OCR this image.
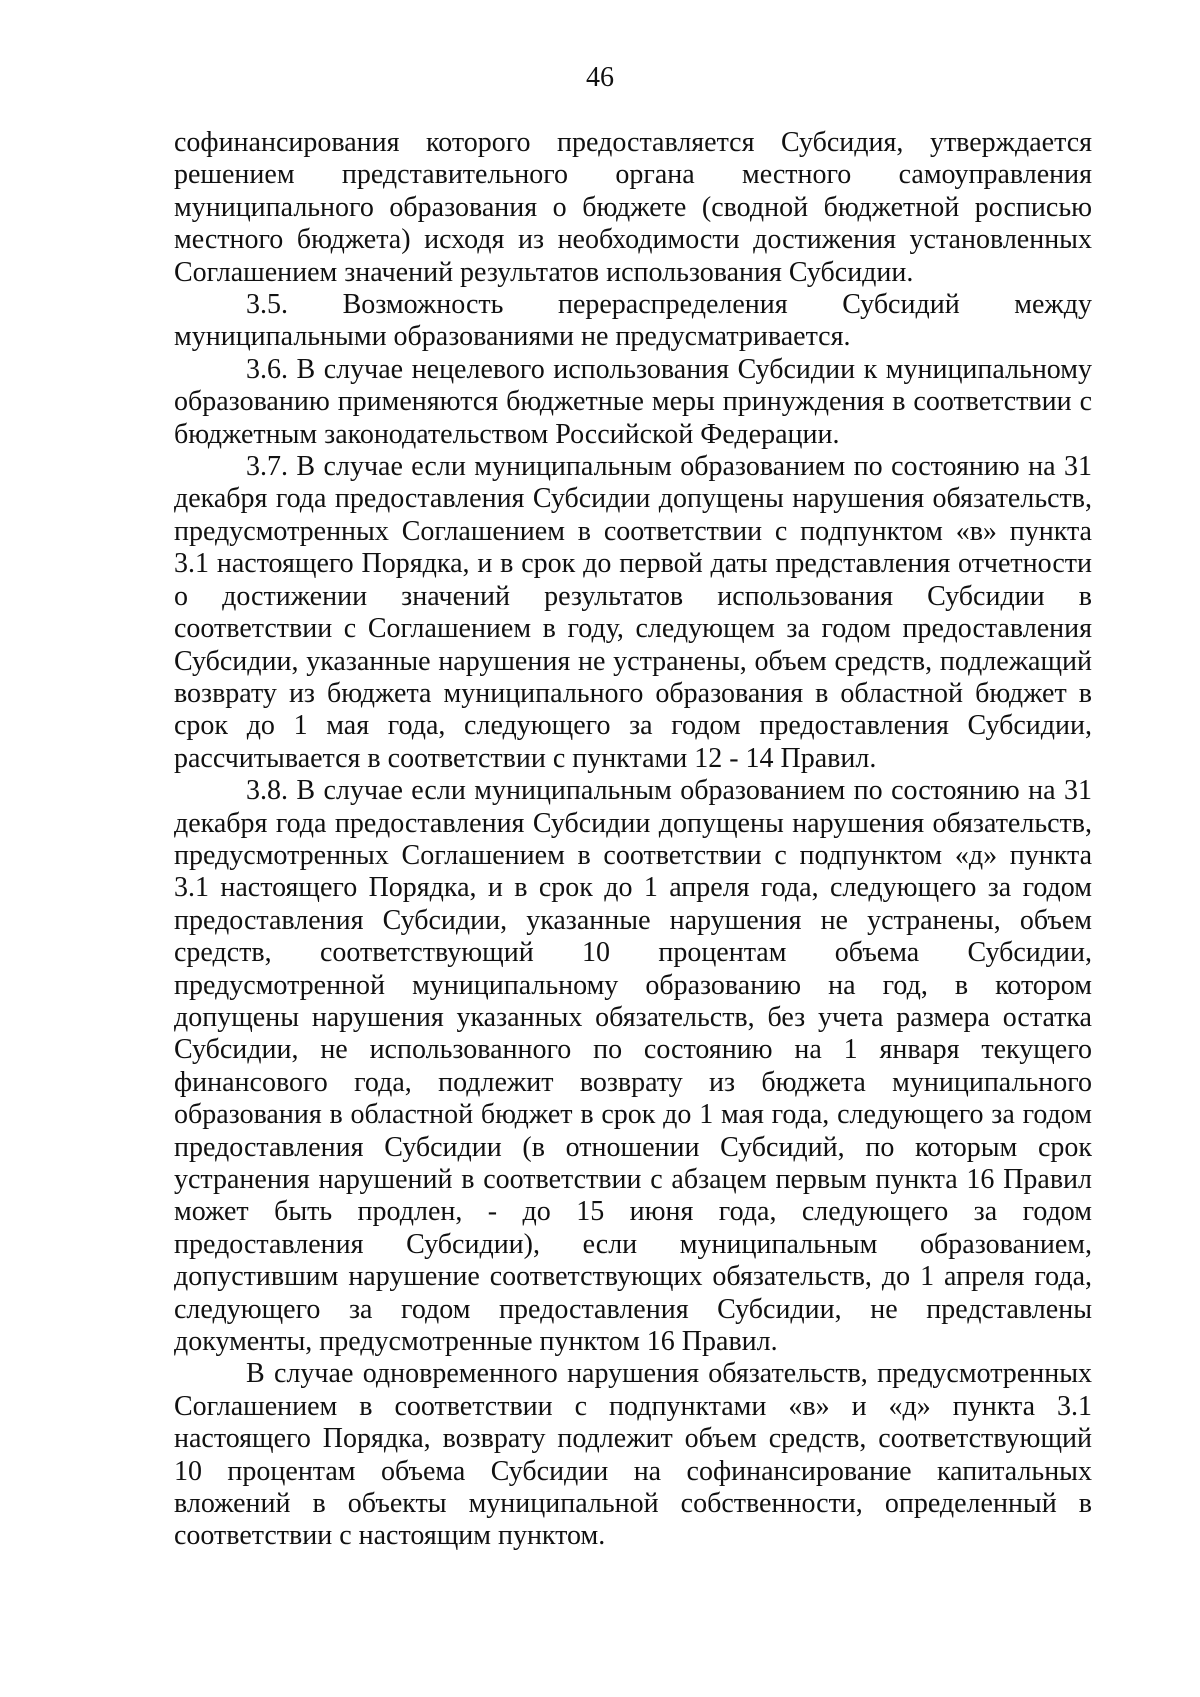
46

софинансирования которого предоставляется Субсидия, утверждается решением представительного органа местного самоуправления муниципального образования о бюджете (сводной бюджетной росписью местного бюджета) исходя из необходимости достижения установленных Соглашением значений результатов использования Субсидии.

3.5. Возможность перераспределения Субсидий между муниципальными образованиями не предусматривается.

3.6. В случае нецелевого использования Субсидии к муниципальному образованию применяются бюджетные меры принуждения в соответствии с бюджетным законодательством Российской Федерации.

3.7. В случае если муниципальным образованием по состоянию на 31 декабря года предоставления Субсидии допущены нарушения обязательств, предусмотренных Соглашением в соответствии с подпунктом «в» пункта 3.1 настоящего Порядка, и в срок до первой даты представления отчетности о достижении значений результатов использования Субсидии в соответствии с Соглашением в году, следующем за годом предоставления Субсидии, указанные нарушения не устранены, объем средств, подлежащий возврату из бюджета муниципального образования в областной бюджет в срок до 1 мая года, следующего за годом предоставления Субсидии, рассчитывается в соответствии с пунктами 12 - 14 Правил.

3.8. В случае если муниципальным образованием по состоянию на 31 декабря года предоставления Субсидии допущены нарушения обязательств, предусмотренных Соглашением в соответствии с подпунктом «д» пункта 3.1 настоящего Порядка, и в срок до 1 апреля года, следующего за годом предоставления Субсидии, указанные нарушения не устранены, объем средств, соответствующий 10 процентам объема Субсидии, предусмотренной муниципальному образованию на год, в котором допущены нарушения указанных обязательств, без учета размера остатка Субсидии, не использованного по состоянию на 1 января текущего финансового года, подлежит возврату из бюджета муниципального образования в областной бюджет в срок до 1 мая года, следующего за годом предоставления Субсидии (в отношении Субсидий, по которым срок устранения нарушений в соответствии с абзацем первым пункта 16 Правил может быть продлен, - до 15 июня года, следующего за годом предоставления Субсидии), если муниципальным образованием, допустившим нарушение соответствующих обязательств, до 1 апреля года, следующего за годом предоставления Субсидии, не представлены документы, предусмотренные пунктом 16 Правил.

В случае одновременного нарушения обязательств, предусмотренных Соглашением в соответствии с подпунктами «в» и «д» пункта 3.1 настоящего Порядка, возврату подлежит объем средств, соответствующий 10 процентам объема Субсидии на софинансирование капитальных вложений в объекты муниципальной собственности, определенный в соответствии с настоящим пунктом.
